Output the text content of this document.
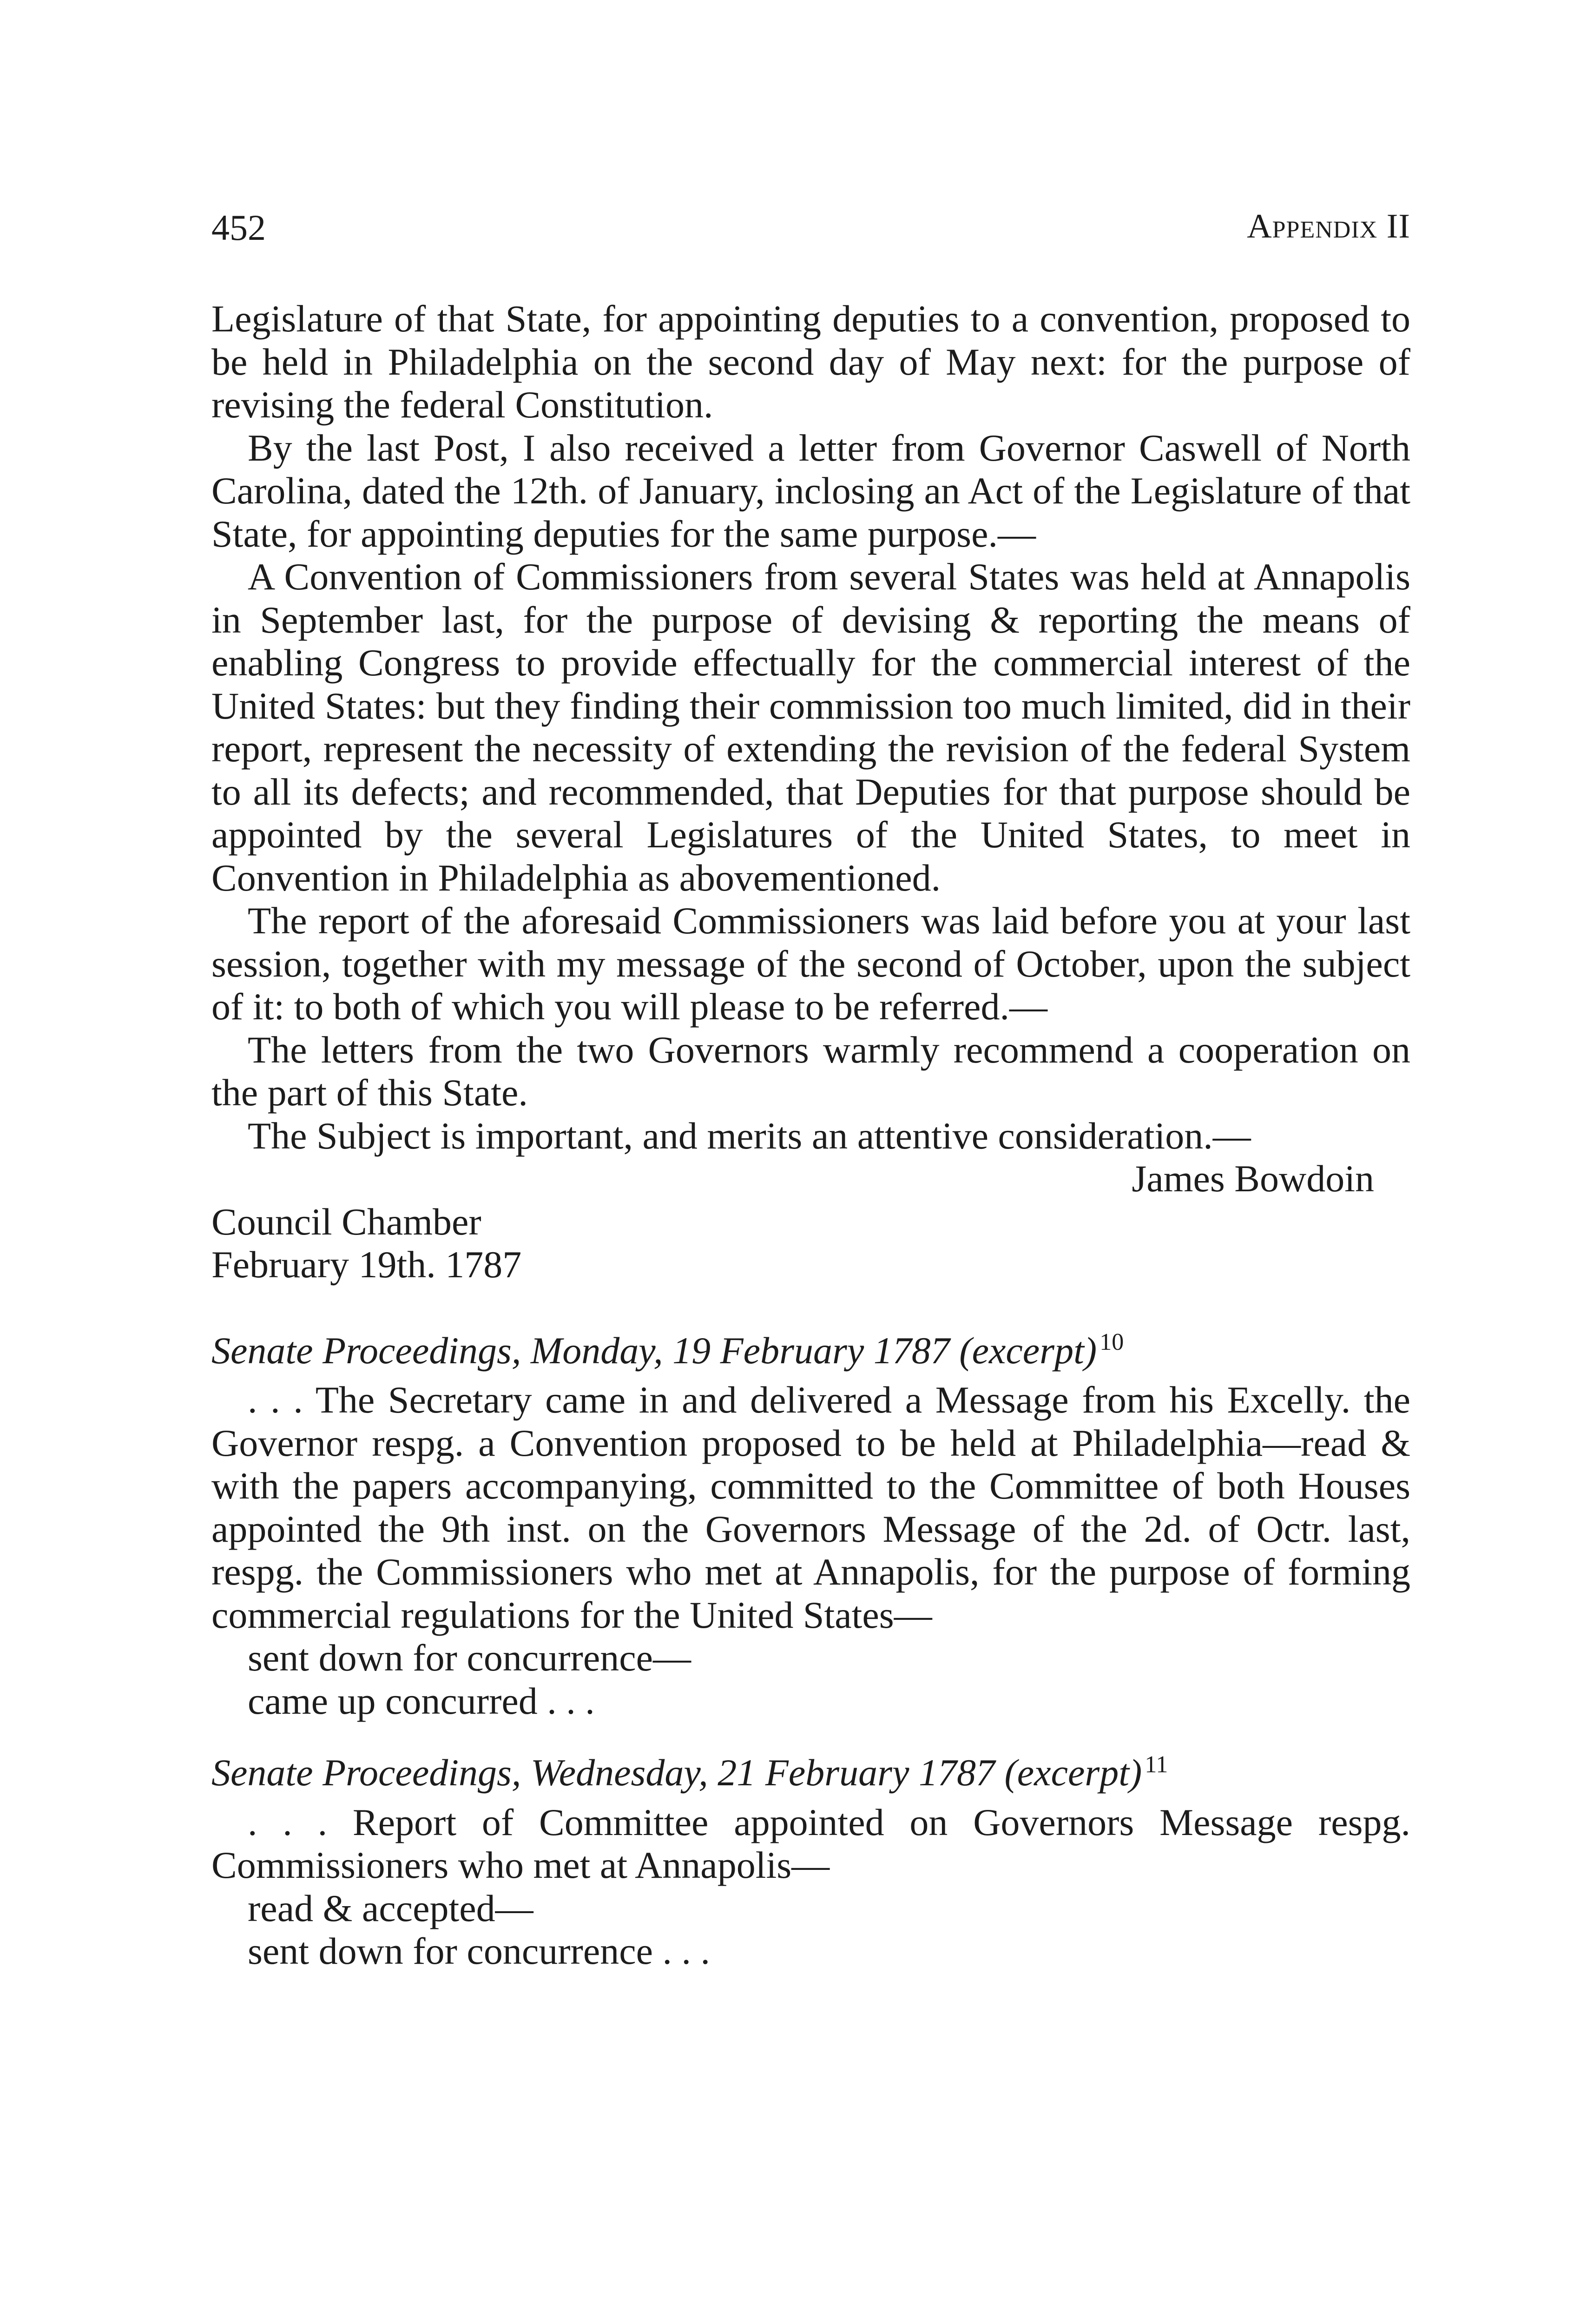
452	Appendix II

Legislature of that State, for appointing deputies to a convention, proposed to be held in Philadelphia on the second day of May next: for the purpose of revising the federal Constitution.

By the last Post, I also received a letter from Governor Caswell of North Carolina, dated the 12th. of January, inclosing an Act of the Legislature of that State, for appointing deputies for the same purpose.—

A Convention of Commissioners from several States was held at Annapolis in September last, for the purpose of devising & reporting the means of enabling Congress to provide effectually for the commercial interest of the United States: but they finding their commission too much limited, did in their report, represent the necessity of extending the revision of the federal System to all its defects; and recommended, that Deputies for that purpose should be appointed by the several Legislatures of the United States, to meet in Convention in Philadelphia as abovementioned.

The report of the aforesaid Commissioners was laid before you at your last session, together with my message of the second of October, upon the subject of it: to both of which you will please to be referred.—

The letters from the two Governors warmly recommend a cooperation on the part of this State.

The Subject is important, and merits an attentive consideration.—

James Bowdoin

Council Chamber

February 19th. 1787

Senate Proceedings, Monday, 19 February 1787 (excerpt) $^{10}$

. . . The Secretary came in and delivered a Message from his Excelly. the Governor respg. a Convention proposed to be held at Philadelphia—read & with the papers accompanying, committed to the Committee of both Houses appointed the 9th inst. on the Governors Message of the 2d. of Octr. last, respg. the Commissioners who met at Annapolis, for the purpose of forming commercial regulations for the United States—

sent down for concurrence—

came up concurred . . .

Senate Proceedings, Wednesday, 21 February 1787 (excerpt) $^{11}$

. . . Report of Committee appointed on Governors Message respg. Commissioners who met at Annapolis—

read & accepted—

sent down for concurrence . . .
